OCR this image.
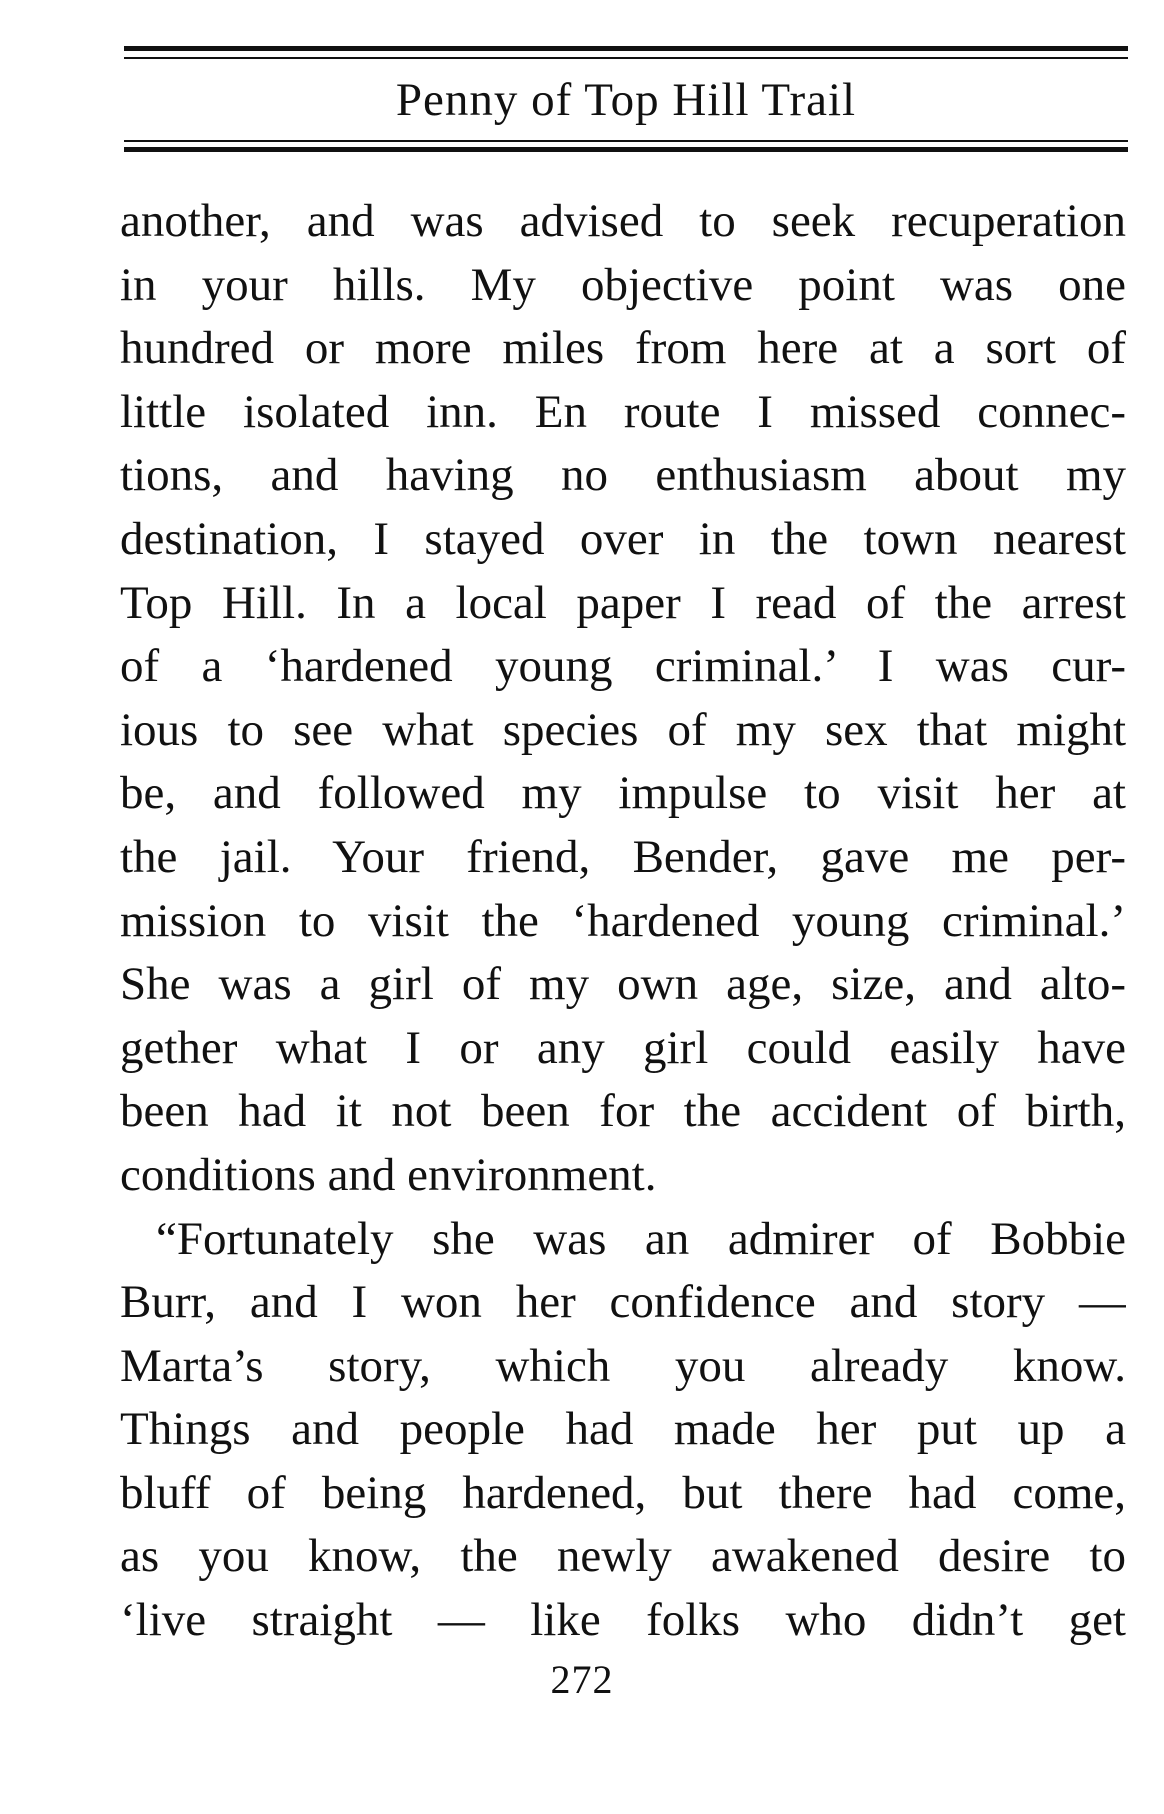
Penny of Top Hill Trail
another, and was advised to seek recuperation
in your hills. My objective point was one
hundred or more miles from here at a sort of
little isolated inn. En route I missed connec-
tions, and having no enthusiasm about my
destination, I stayed over in the town nearest
Top Hill. In a local paper I read of the arrest
of a ‘hardened young criminal.’ I was cur-
ious to see what species of my sex that might
be, and followed my impulse to visit her at
the jail. Your friend, Bender, gave me per-
mission to visit the ‘hardened young criminal.’
She was a girl of my own age, size, and alto-
gether what I or any girl could easily have
been had it not been for the accident of birth,
conditions and environment.
“Fortunately she was an admirer of Bobbie
Burr, and I won her confidence and story —
Marta’s story, which you already know.
Things and people had made her put up a
bluff of being hardened, but there had come,
as you know, the newly awakened desire to
‘live straight — like folks who didn’t get
272
